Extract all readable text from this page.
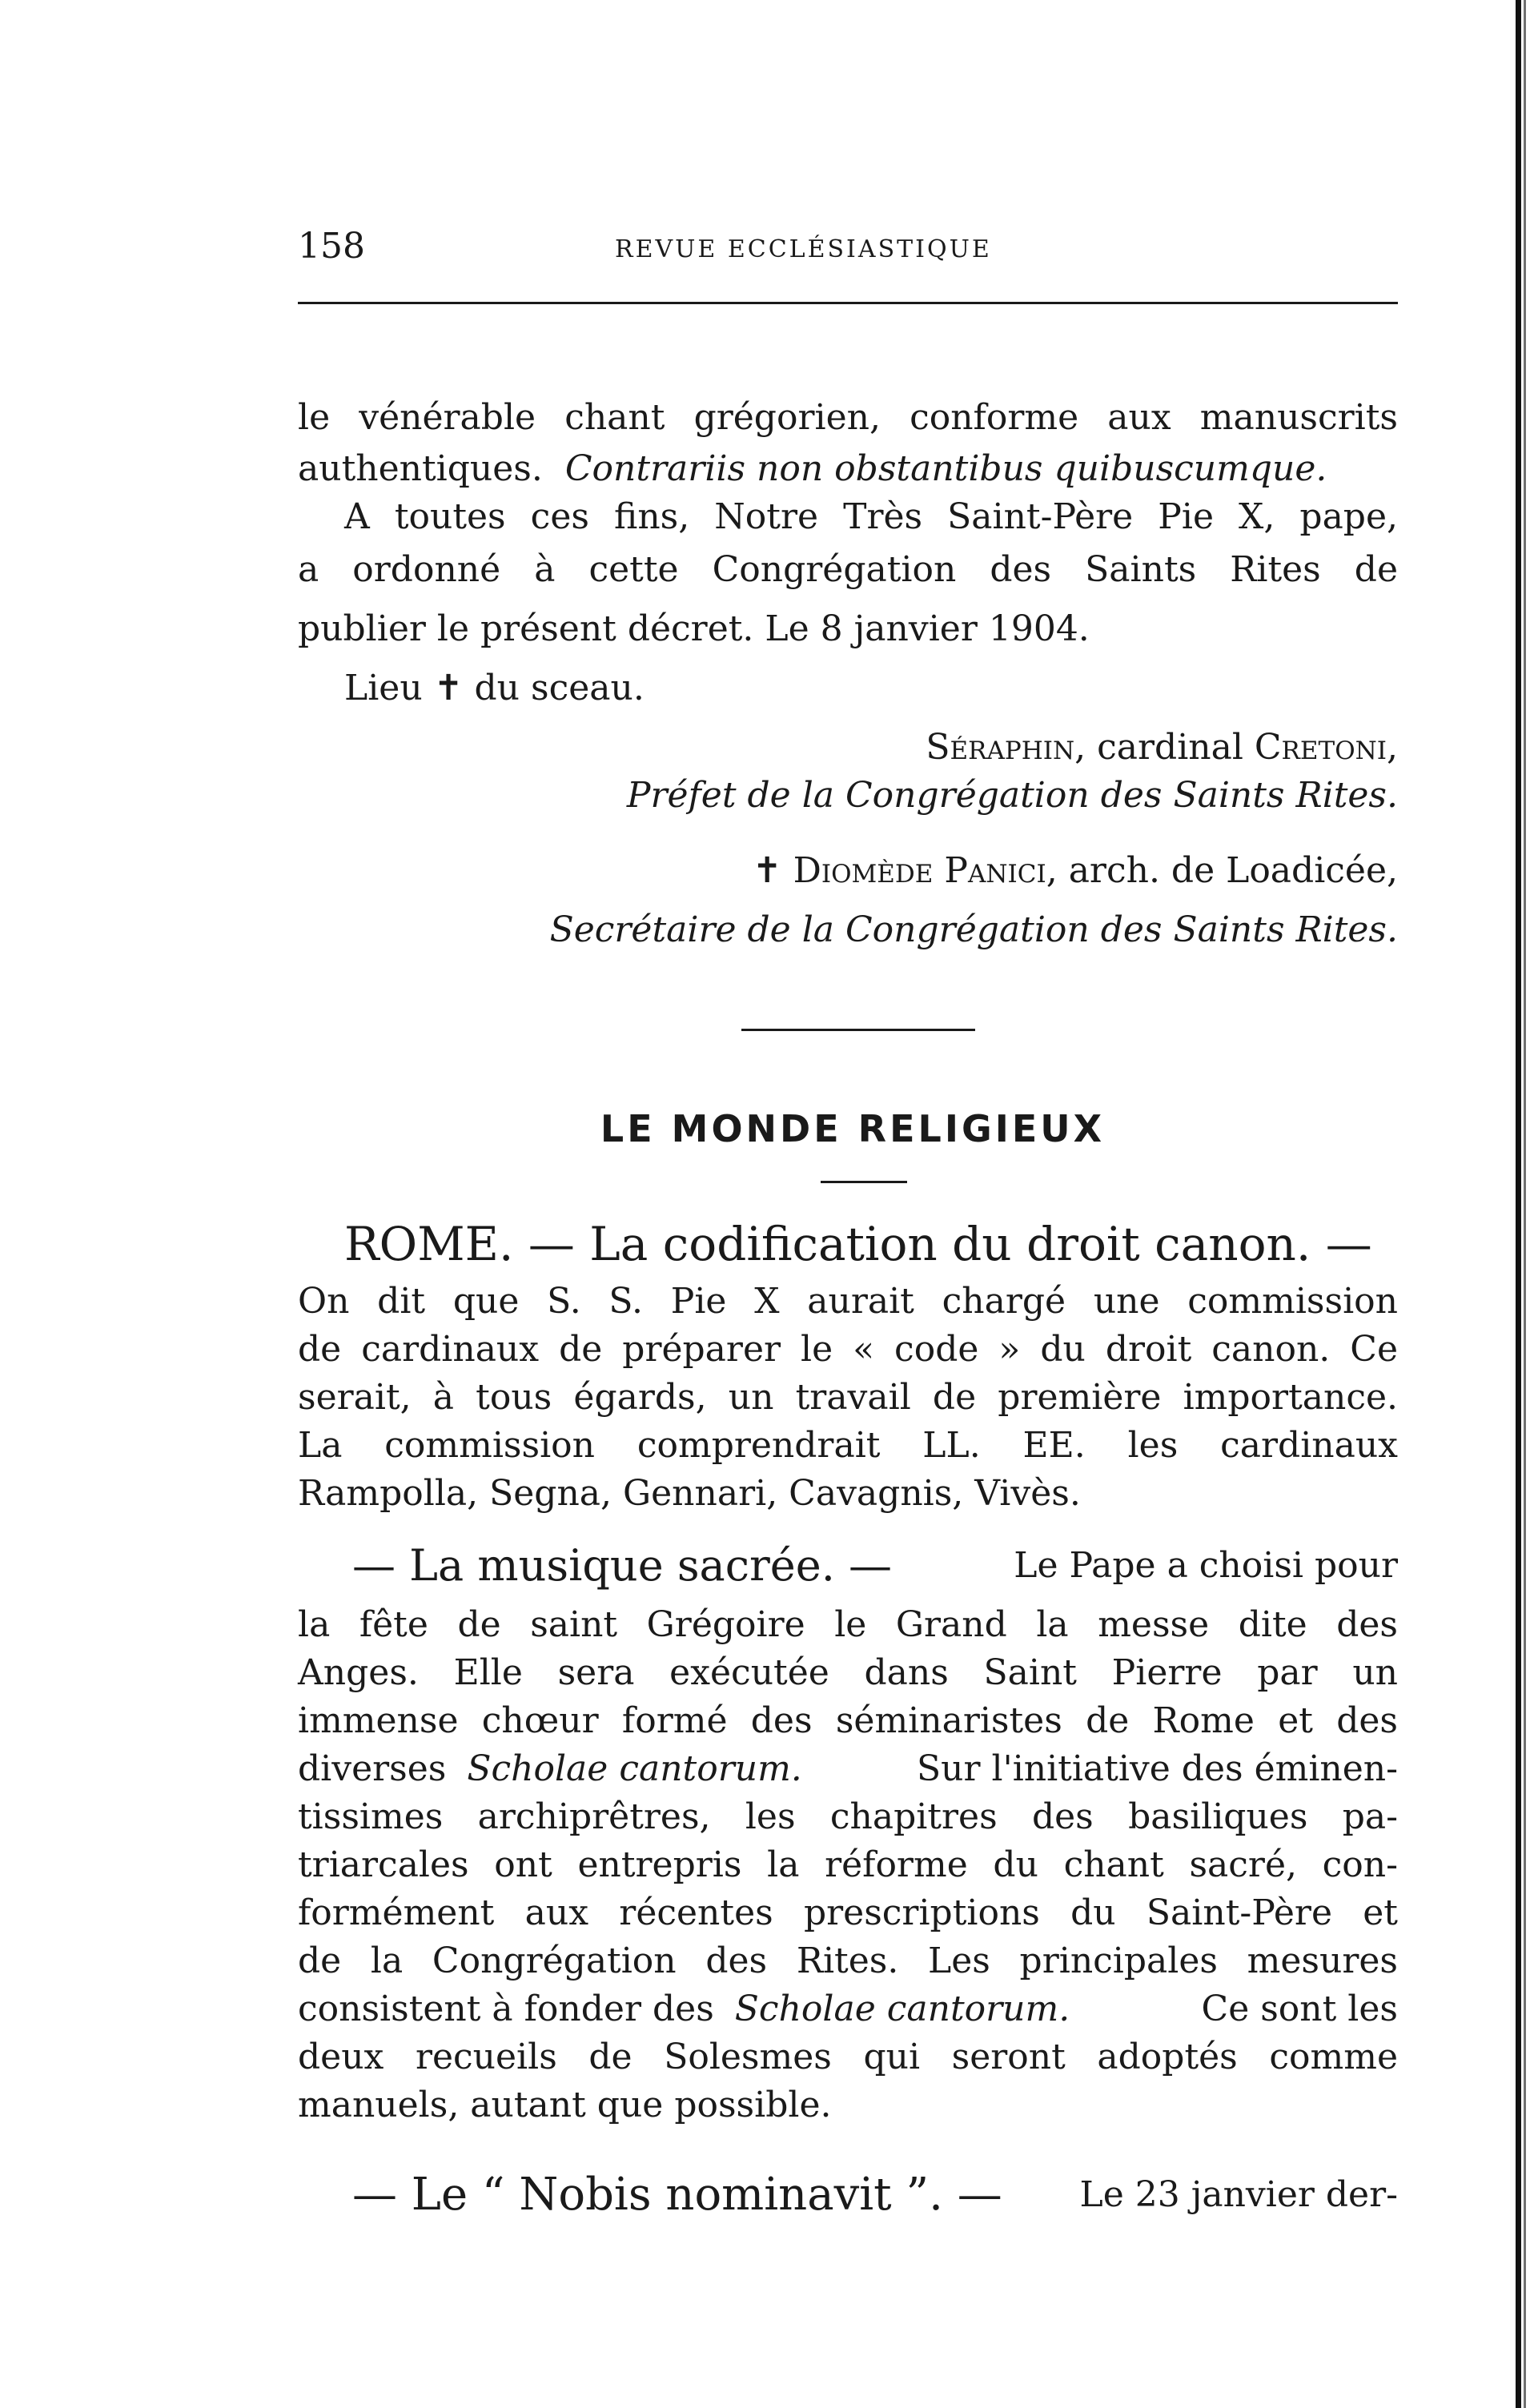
158	REVUE ECCLÉSIASTIQUE
le vénérable chant grégorien, conforme aux manuscrits
authentiques. Contrariis non obstantibus quibuscumque.
A toutes ces fins, Notre Très Saint-Père Pie X, pape,
a ordonné à cette Congrégation des Saints Rites de
publier le présent décret. Le 8 janvier 1904.
Lieu ✝ du sceau.
Séraphin, cardinal Cretoni,
Préfet de la Congrégation des Saints Rites.
✝ Diomède Panici, arch. de Loadicée,
Secrétaire de la Congrégation des Saints Rites.
LE MONDE RELIGIEUX
ROME. — La codification du droit canon. —
On dit que S. S. Pie X aurait chargé une commission
de cardinaux de préparer le « code » du droit canon. Ce
serait, à tous égards, un travail de première importance.
La commission comprendrait LL. EE. les cardinaux
Rampolla, Segna, Gennari, Cavagnis, Vivès.
— La musique sacrée. —	Le Pape a choisi pour
la fête de saint Grégoire le Grand la messe dite des
Anges. Elle sera exécutée dans Saint Pierre par un
immense chœur formé des séminaristes de Rome et des
diverses Scholae cantorum.	Sur l'initiative des éminen-
tissimes archiprêtres, les chapitres des basiliques pa-
triarcales ont entrepris la réforme du chant sacré, con-
formément aux récentes prescriptions du Saint-Père et
de la Congrégation des Rites. Les principales mesures
consistent à fonder des Scholae cantorum.	Ce sont les
deux recueils de Solesmes qui seront adoptés comme
manuels, autant que possible.
— Le “ Nobis nominavit ”. — Le 23 janvier der-
